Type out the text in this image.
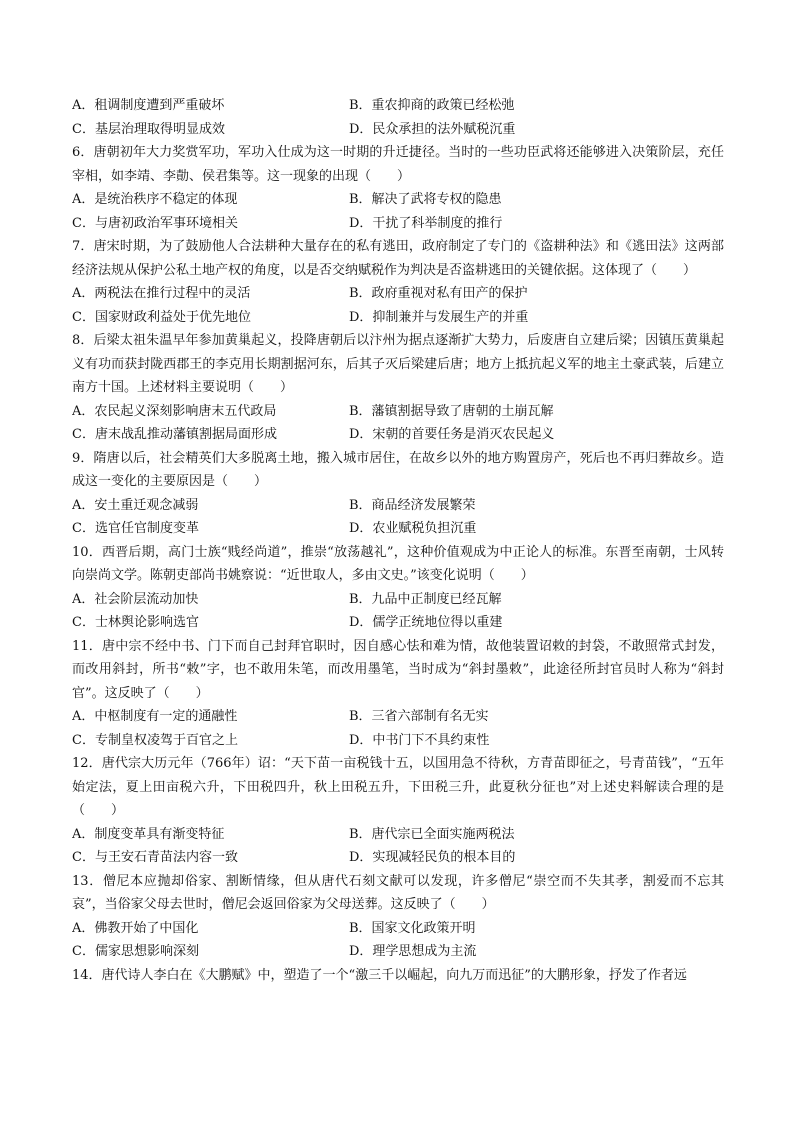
A．租调制度遭到严重破坏	B．重农抑商的政策已经松弛
C．基层治理取得明显成效	D．民众承担的法外赋税沉重

6．唐朝初年大力奖赏军功，军功入仕成为这一时期的升迁捷径。当时的一些功臣武将还能够进入决策阶层，充任宰相，如李靖、李勣、侯君集等。这一现象的出现（　　）

A．是统治秩序不稳定的体现	B．解决了武将专权的隐患
C．与唐初政治军事环境相关	D．干扰了科举制度的推行

7．唐宋时期，为了鼓励他人合法耕种大量存在的私有逃田，政府制定了专门的《盗耕种法》和《逃田法》这两部经济法规从保护公私土地产权的角度，以是否交纳赋税作为判决是否盗耕逃田的关键依据。这体现了（　　）

A．两税法在推行过程中的灵活	B．政府重视对私有田产的保护
C．国家财政利益处于优先地位	D．抑制兼并与发展生产的并重

8．后梁太祖朱温早年参加黄巢起义，投降唐朝后以汴州为据点逐渐扩大势力，后废唐自立建后梁；因镇压黄巢起义有功而获封陇西郡王的李克用长期割据河东，后其子灭后梁建后唐；地方上抵抗起义军的地主土豪武装，后建立南方十国。上述材料主要说明（　　）

A．农民起义深刻影响唐末五代政局	B．藩镇割据导致了唐朝的土崩瓦解
C．唐末战乱推动藩镇割据局面形成	D．宋朝的首要任务是消灭农民起义

9．隋唐以后，社会精英们大多脱离土地，搬入城市居住，在故乡以外的地方购置房产，死后也不再归葬故乡。造成这一变化的主要原因是（　　）

A．安土重迁观念减弱	B．商品经济发展繁荣
C．选官任官制度变革	D．农业赋税负担沉重

10．西晋后期，高门士族“贱经尚道”，推崇“放荡越礼”，这种价值观成为中正论人的标准。东晋至南朝，士风转向崇尚文学。陈朝吏部尚书姚察说：“近世取人，多由文史。”该变化说明（　　）

A．社会阶层流动加快	B．九品中正制度已经瓦解
C．士林舆论影响选官	D．儒学正统地位得以重建

11．唐中宗不经中书、门下而自己封拜官职时，因自感心怯和难为情，故他装置诏敕的封袋，不敢照常式封发，而改用斜封，所书“敕”字，也不敢用朱笔，而改用墨笔，当时成为“斜封墨敕”，此途径所封官员时人称为“斜封官”。这反映了（　　）

A．中枢制度有一定的通融性	B．三省六部制有名无实
C．专制皇权凌驾于百官之上	D．中书门下不具约束性

12．唐代宗大历元年（766年）诏：“天下苗一亩税钱十五，以国用急不待秋，方青苗即征之，号青苗钱”，“五年始定法，夏上田亩税六升，下田税四升，秋上田税五升，下田税三升，此夏秋分征也”对上述史料解读合理的是（　　）

A．制度变革具有渐变特征	B．唐代宗已全面实施两税法
C．与王安石青苗法内容一致	D．实现减轻民负的根本目的

13．僧尼本应抛却俗家、割断情缘，但从唐代石刻文献可以发现，许多僧尼“崇空而不失其孝，割爱而不忘其哀”，当俗家父母去世时，僧尼会返回俗家为父母送葬。这反映了（　　）

A．佛教开始了中国化	B．国家文化政策开明
C．儒家思想影响深刻	D．理学思想成为主流

14．唐代诗人李白在《大鹏赋》中，塑造了一个“激三千以崛起，向九万而迅征”的大鹏形象，抒发了作者远
